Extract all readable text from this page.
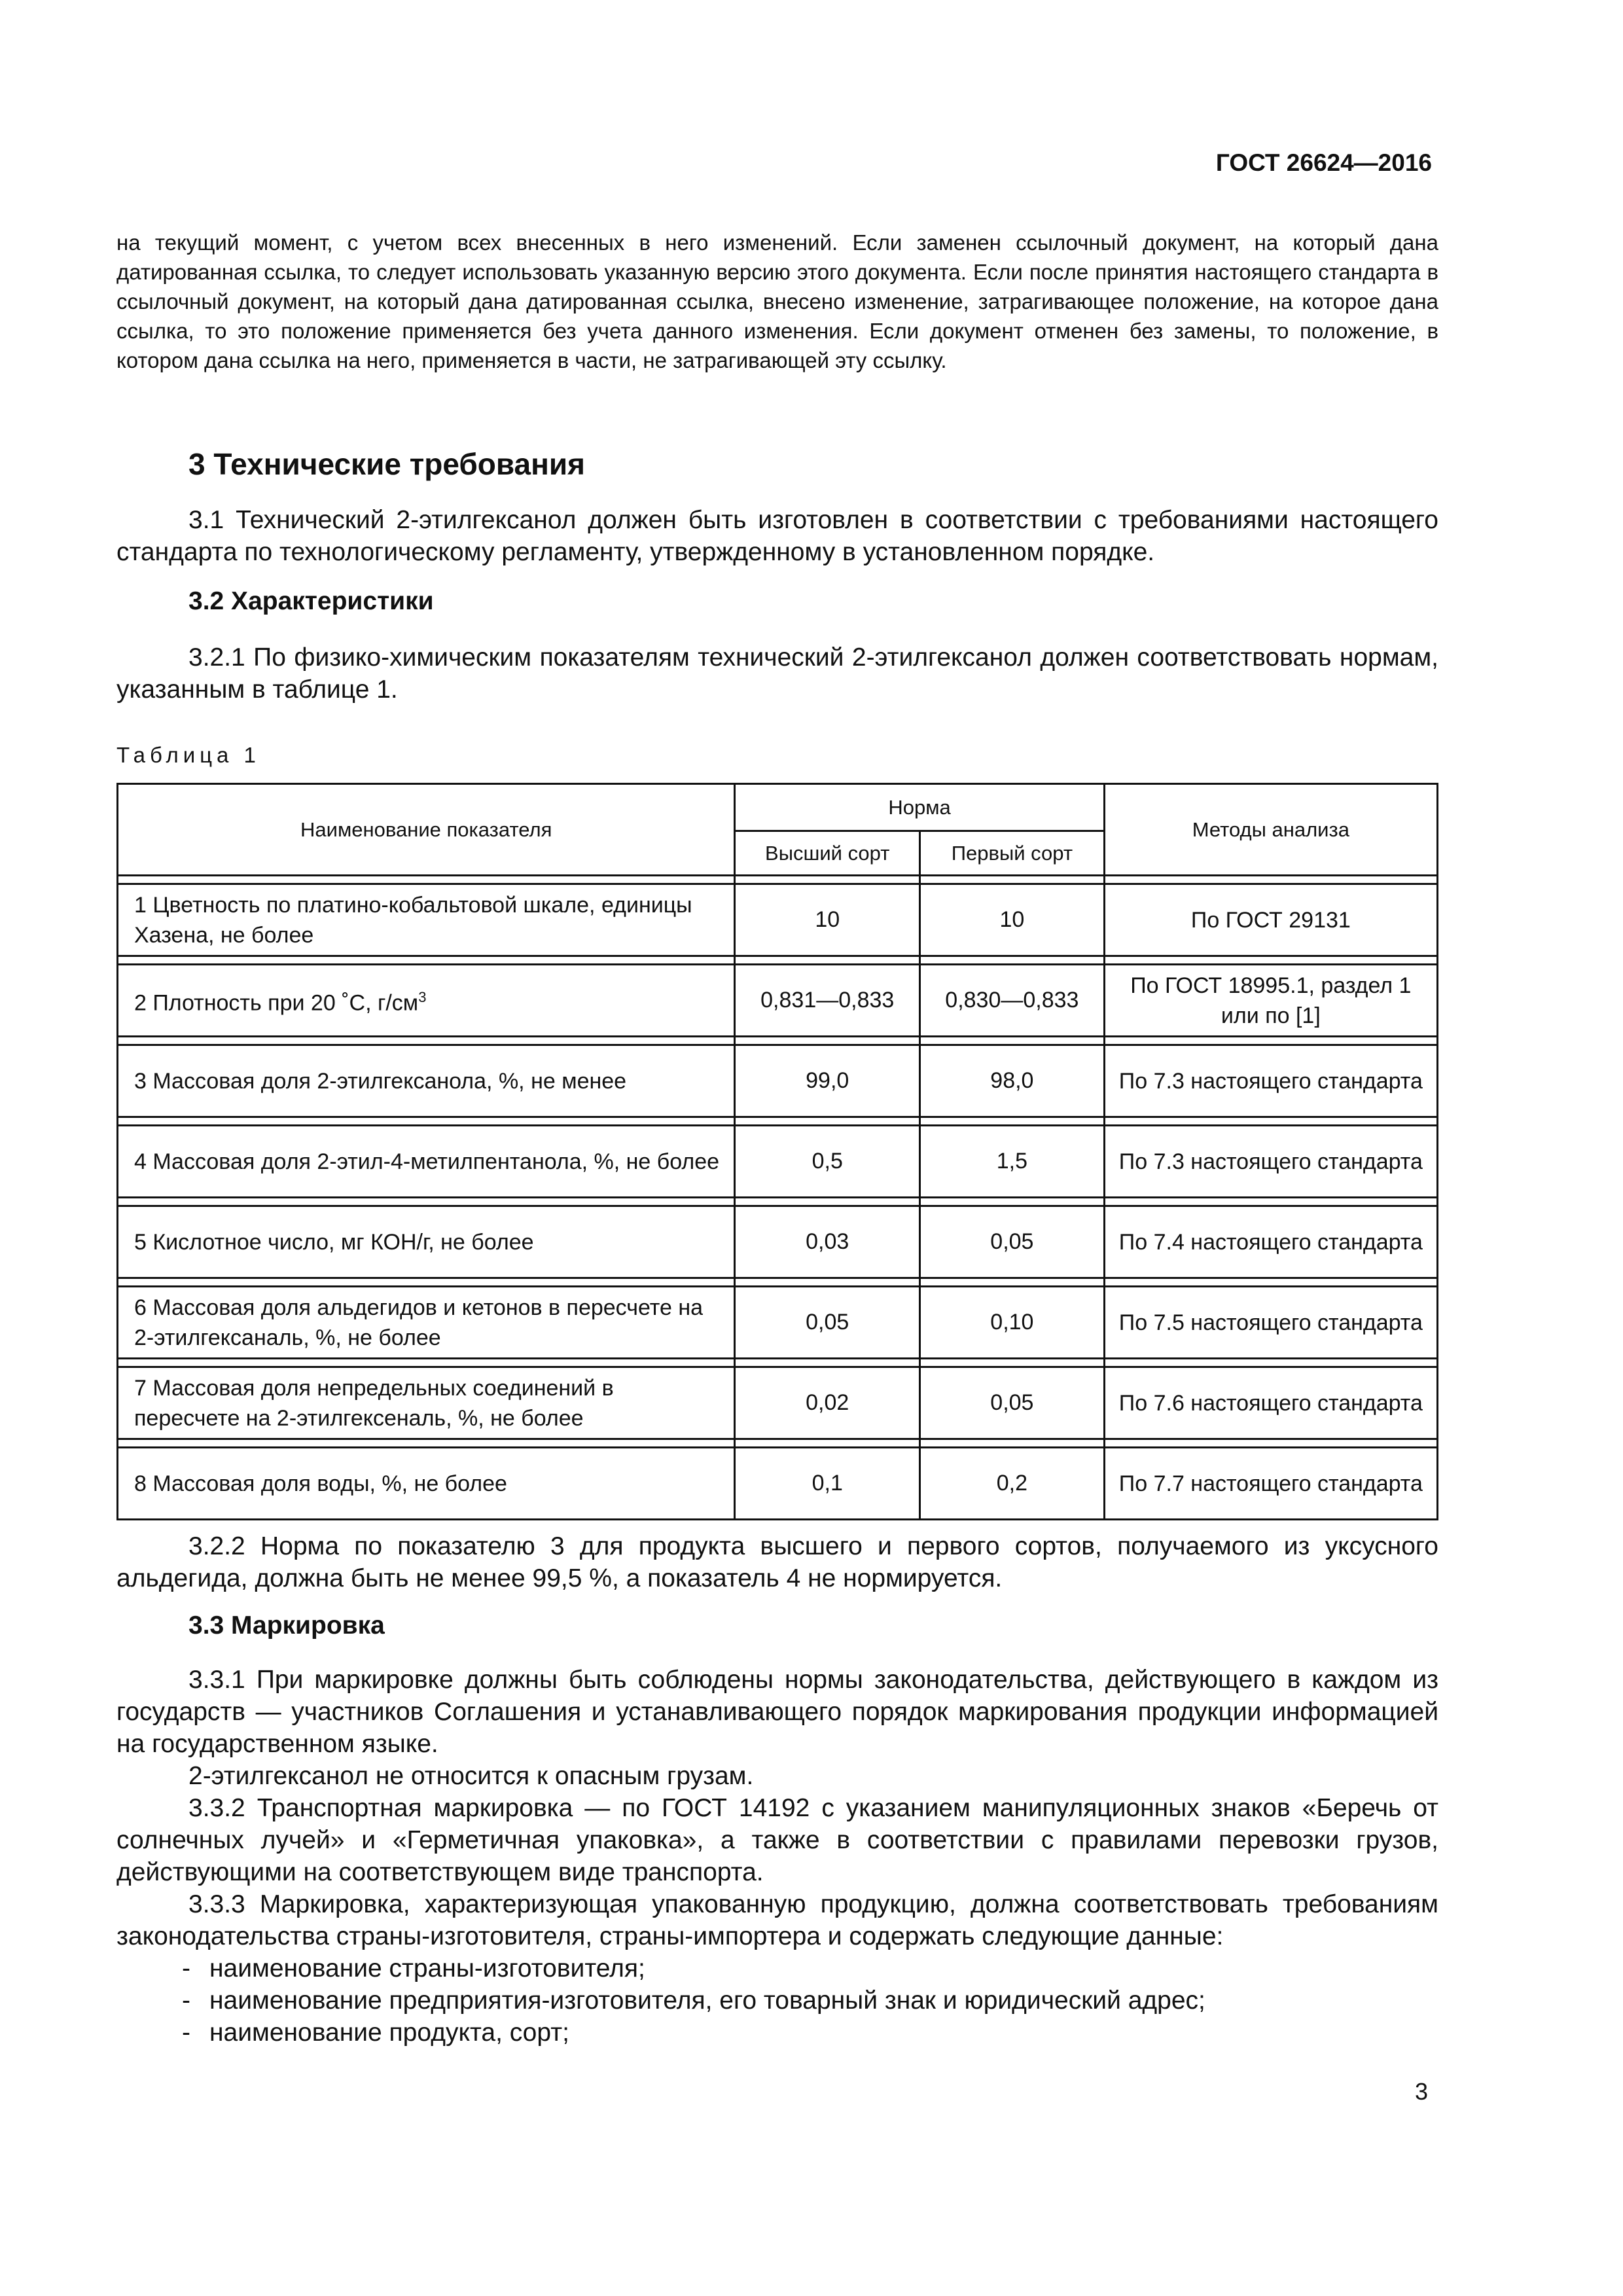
ГОСТ 26624—2016
на текущий момент, с учетом всех внесенных в него изменений. Если заменен ссылочный документ, на который дана датированная ссылка, то следует использовать указанную версию этого документа. Если после принятия настоящего стандарта в ссылочный документ, на который дана датированная ссылка, внесено изменение, затрагивающее положение, на которое дана ссылка, то это положение применяется без учета данного изменения. Если документ отменен без замены, то положение, в котором дана ссылка на него, применяется в части, не затрагивающей эту ссылку.
3 Технические требования

3.1 Технический 2-этилгексанол должен быть изготовлен в соответствии с требованиями настоящего стандарта по технологическому регламенту, утвержденному в установленном порядке.

3.2 Характеристики

3.2.1 По физико-химическим показателям технический 2-этилгексанол должен соответствовать нормам, указанным в таблице 1.

Таблица 1
Наименование показателя	Норма		Методы анализа
	Высший сорт	Первый сорт	

1 Цветность по платино-кобальтовой шкале, единицы Хазена, не более	10	10	По ГОСТ 29131

2 Плотность при 20 ˚С, $г/см^3$	0,831—0,833	0,830—0,833	По ГОСТ 18995.1, раздел 1 или по [1]

3 Массовая доля 2-этилгексанола, %, не менее	99,0	98,0	По 7.3 настоящего стандарта

4 Массовая доля 2-этил-4-метилпентанола, %, не более	0,5	1,5	По 7.3 настоящего стандарта

5 Кислотное число, мг КОН/г, не более	0,03	0,05	По 7.4 настоящего стандарта

6 Массовая доля альдегидов и кетонов в пересчете на 2-этилгексаналь, %, не более	0,05	0,10	По 7.5 настоящего стандарта

7 Массовая доля непредельных соединений в пересчете на 2-этилгексеналь, %, не более	0,02	0,05	По 7.6 настоящего стандарта

8 Массовая доля воды, %, не более	0,1	0,2	По 7.7 настоящего стандарта

3.2.2 Норма по показателю 3 для продукта высшего и первого сортов, получаемого из уксусного альдегида, должна быть не менее 99,5 %, а показатель 4 не нормируется.

3.3 Маркировка

3.3.1 При маркировке должны быть соблюдены нормы законодательства, действующего в каждом из государств — участников Соглашения и устанавливающего порядок маркирования продукции информацией на государственном языке.

2-этилгексанол не относится к опасным грузам.

3.3.2 Транспортная маркировка — по ГОСТ 14192 с указанием манипуляционных знаков «Беречь от солнечных лучей» и «Герметичная упаковка», а также в соответствии с правилами перевозки грузов, действующими на соответствующем виде транспорта.

3.3.3 Маркировка, характеризующая упакованную продукцию, должна соответствовать требованиям законодательства страны-изготовителя, страны-импортера и содержать следующие данные:

- наименование страны-изготовителя;
- наименование предприятия-изготовителя, его товарный знак и юридический адрес;
- наименование продукта, сорт;
3
